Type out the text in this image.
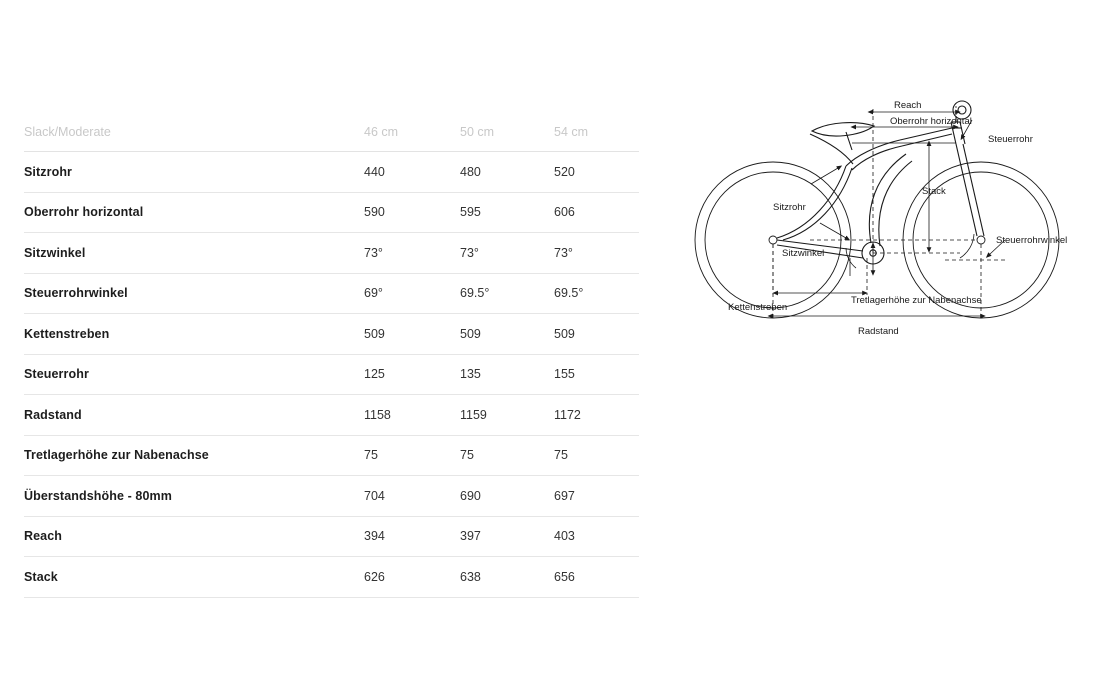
Slack/Moderate	46 cm	50 cm	54 cm
Sitzrohr	440	480	520
Oberrohr horizontal	590	595	606
Sitzwinkel	73°	73°	73°
Steuerrohrwinkel	69°	69.5°	69.5°
Kettenstreben	509	509	509
Steuerrohr	125	135	155
Radstand	1158	1159	1172
Tretlagerhöhe zur Nabenachse	75	75	75
Überstandshöhe - 80mm	704	690	697
Reach	394	397	403
Stack	626	638	656
Reach
Oberrohr horizontal
Steuerrohr
Stack
Sitzrohr
Sitzwinkel
Steuerrohrwinkel
Kettenstreben
Tretlagerhöhe zur Nabenachse
Radstand
